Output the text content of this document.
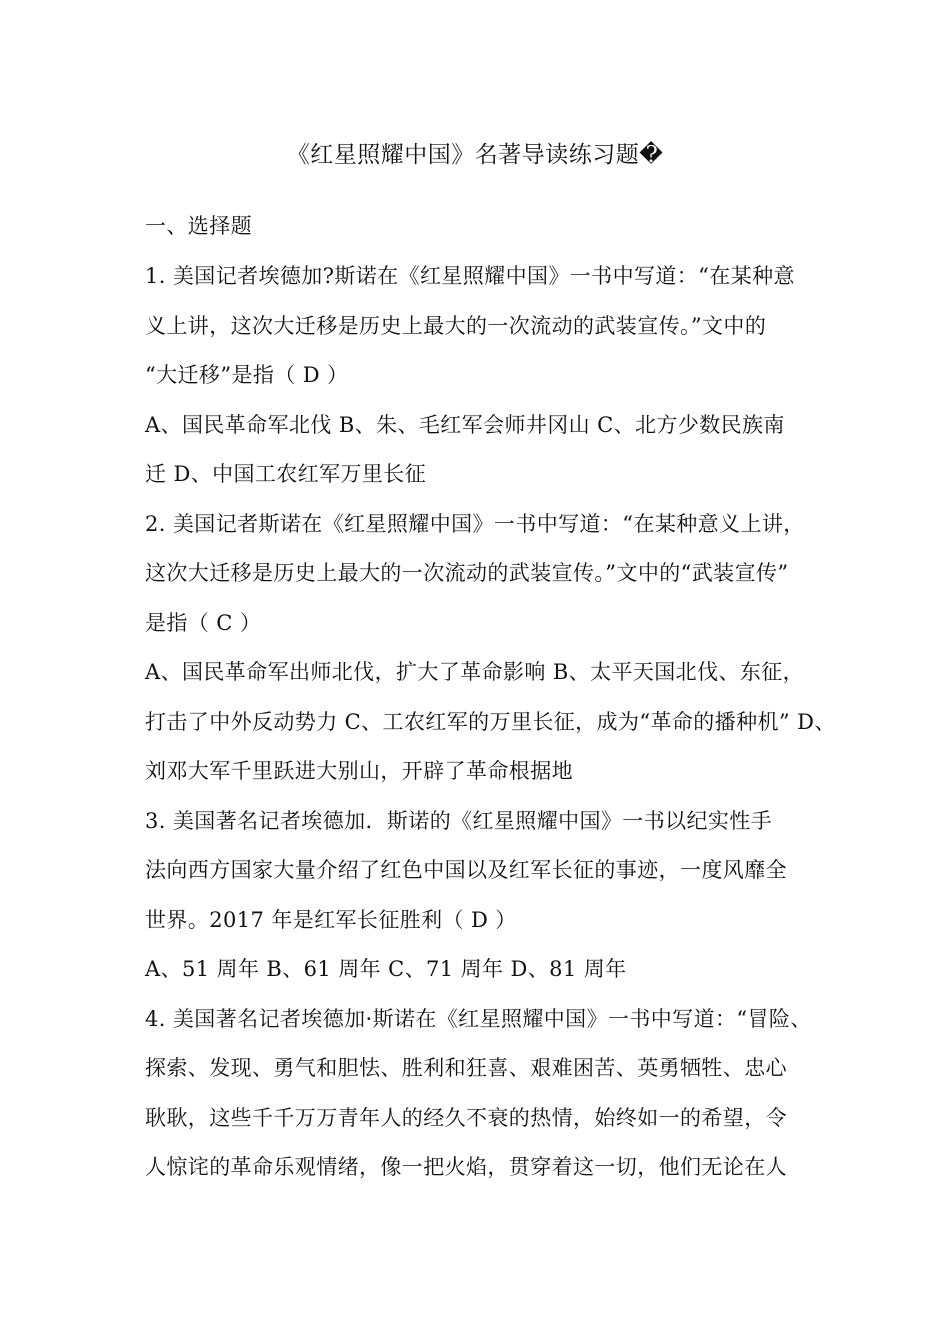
《红星照耀中国》名著导读练习题�
一、选择题
1. 美国记者埃德加?斯诺在《红星照耀中国》一书中写道：“在某种意
义上讲，这次大迁移是历史上最大的一次流动的武装宣传。”文中的
“大迁移”是指（ D ）
A、国民革命军北伐 B、朱、毛红军会师井冈山 C、北方少数民族南
迁 D、中国工农红军万里长征
2. 美国记者斯诺在《红星照耀中国》一书中写道：“在某种意义上讲，
这次大迁移是历史上最大的一次流动的武装宣传。”文中的“武装宣传”
是指（ C ）
A、国民革命军出师北伐，扩大了革命影响 B、太平天国北伐、东征，
打击了中外反动势力 C、工农红军的万里长征，成为“革命的播种机” D、
刘邓大军千里跃进大别山，开辟了革命根据地
3. 美国著名记者埃德加．斯诺的《红星照耀中国》一书以纪实性手
法向西方国家大量介绍了红色中国以及红军长征的事迹，一度风靡全
世界。2017 年是红军长征胜利（ D ）
A、51 周年 B、61 周年 C、71 周年 D、81 周年
4. 美国著名记者埃德加·斯诺在《红星照耀中国》一书中写道：“冒险、
探索、发现、勇气和胆怯、胜利和狂喜、艰难困苦、英勇牺牲、忠心
耿耿，这些千千万万青年人的经久不衰的热情，始终如一的希望，令
人惊诧的革命乐观情绪，像一把火焰，贯穿着这一切，他们无论在人
